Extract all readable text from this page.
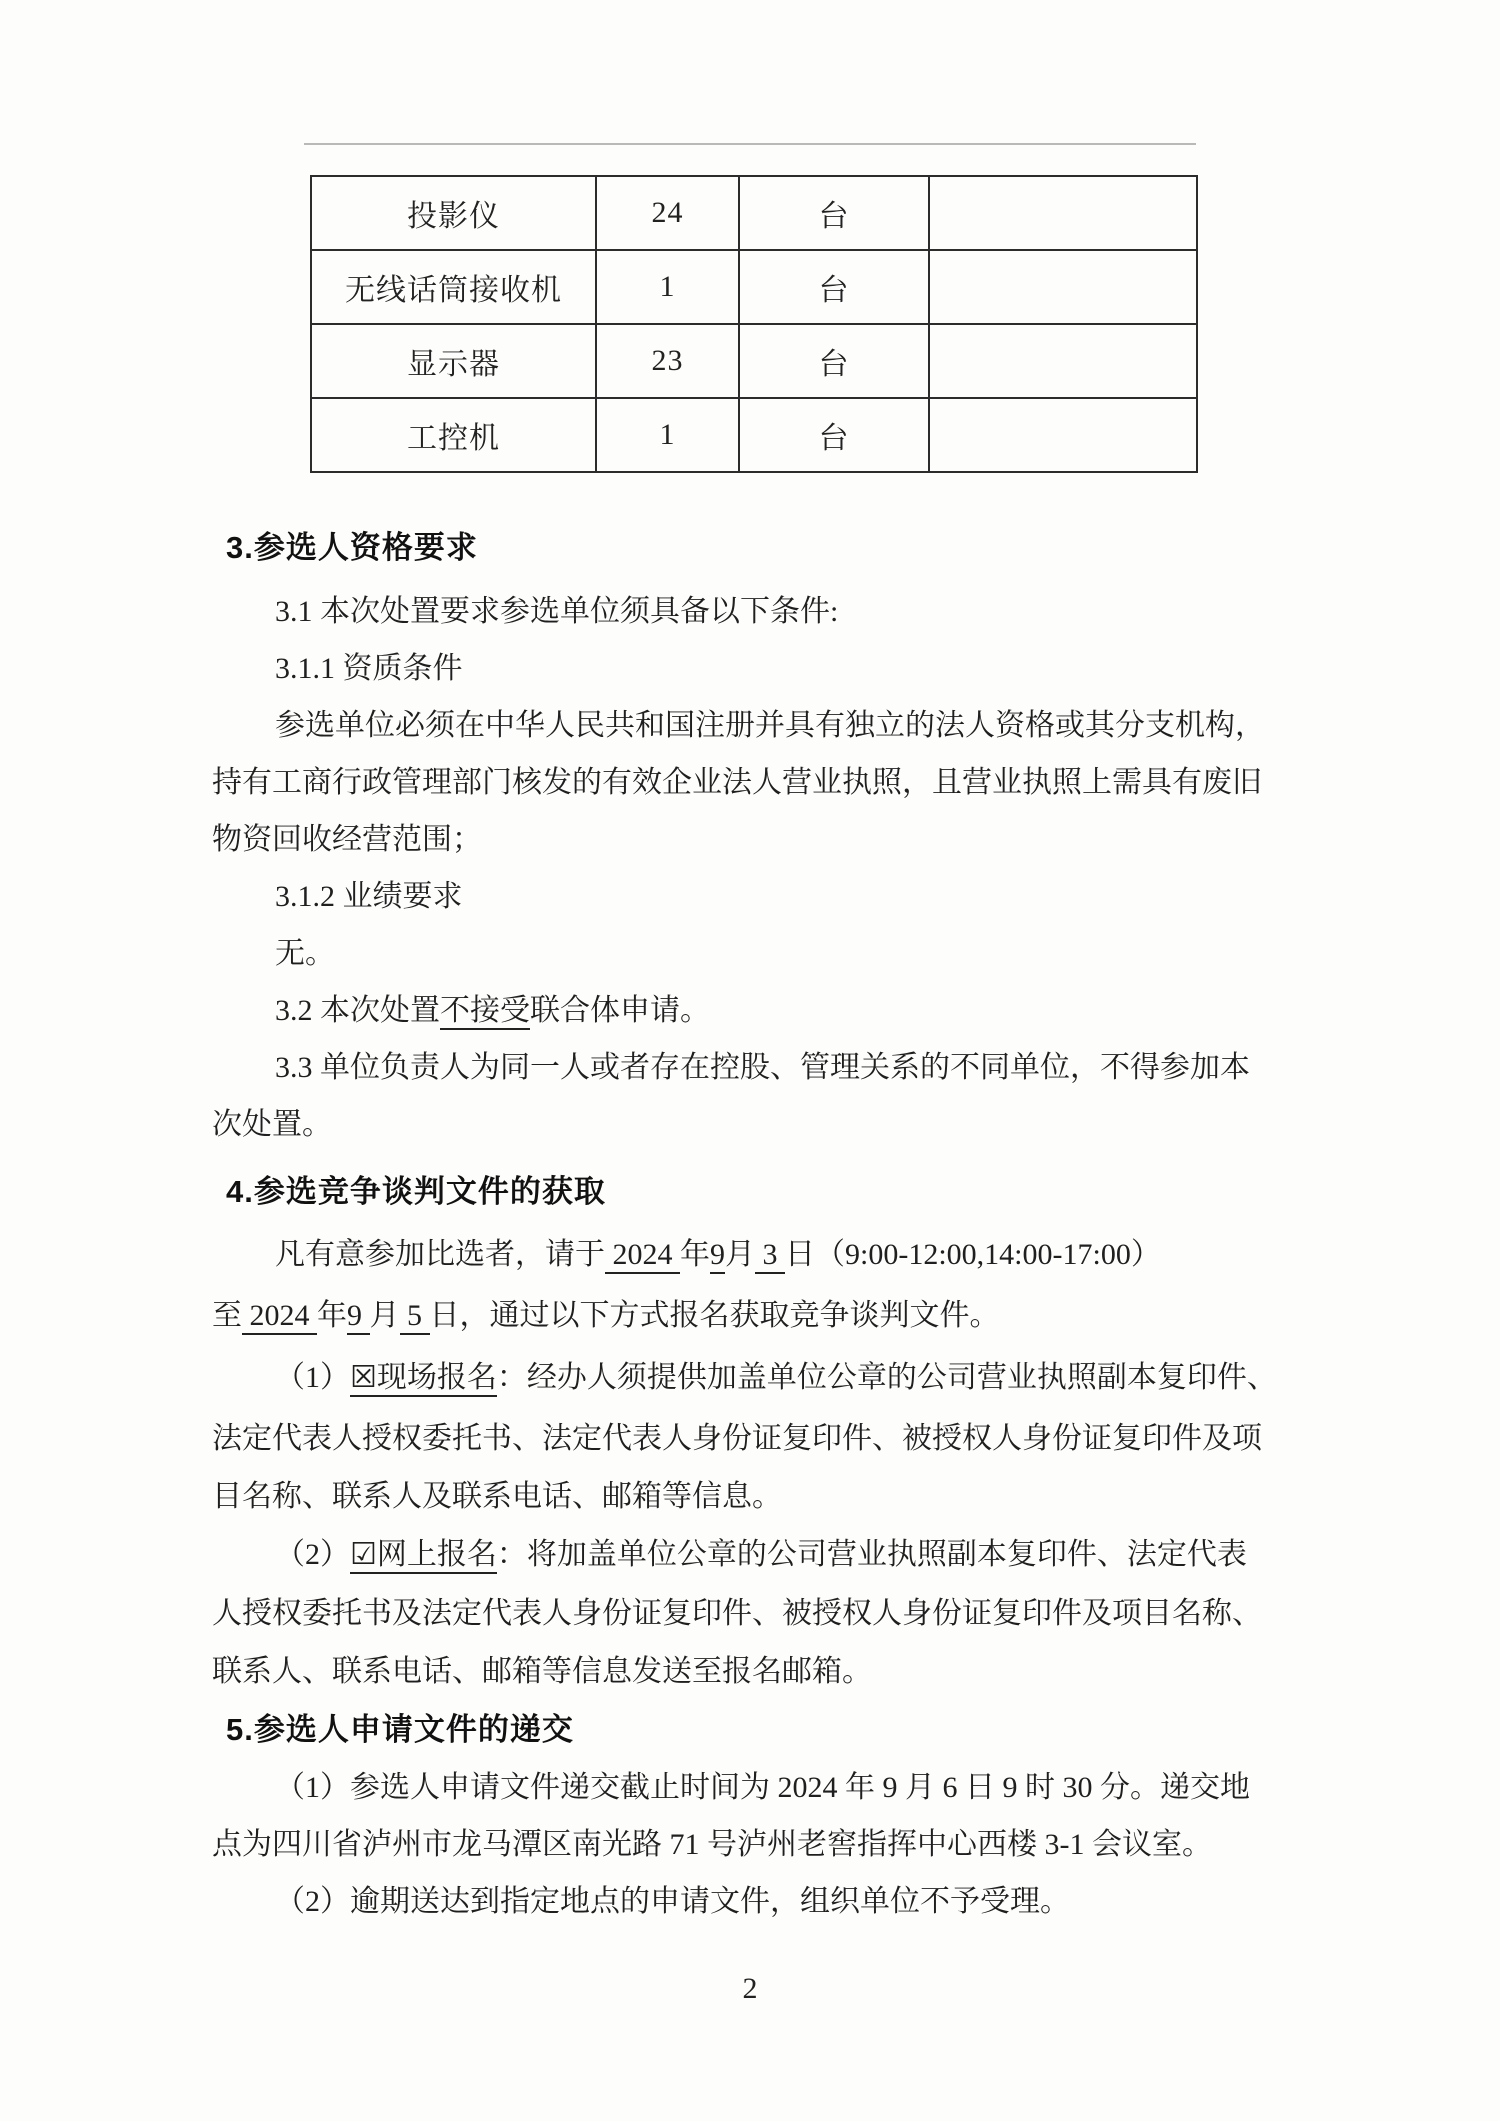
投影仪	24	台	
无线话筒接收机	1	台	
显示器	23	台	
工控机	1	台	
3.参选人资格要求
3.1 本次处置要求参选单位须具备以下条件:
3.1.1 资质条件
参选单位必须在中华人民共和国注册并具有独立的法人资格或其分支机构，
持有工商行政管理部门核发的有效企业法人营业执照，且营业执照上需具有废旧
物资回收经营范围；
3.1.2 业绩要求
无。
3.2 本次处置不接受联合体申请。
3.3 单位负责人为同一人或者存在控股、管理关系的不同单位，不得参加本
次处置。
4.参选竞争谈判文件的获取
凡有意参加比选者，请于 2024 年9月 3 日（9:00-12:00,14:00-17:00）
至 2024 年9 月 5 日，通过以下方式报名获取竞争谈判文件。
（1）☒现场报名：经办人须提供加盖单位公章的公司营业执照副本复印件、
法定代表人授权委托书、法定代表人身份证复印件、被授权人身份证复印件及项
目名称、联系人及联系电话、邮箱等信息。
（2）☑网上报名：将加盖单位公章的公司营业执照副本复印件、法定代表
人授权委托书及法定代表人身份证复印件、被授权人身份证复印件及项目名称、
联系人、联系电话、邮箱等信息发送至报名邮箱。
5.参选人申请文件的递交
（1）参选人申请文件递交截止时间为 2024 年 9 月 6 日 9 时 30 分。递交地
点为四川省泸州市龙马潭区南光路 71 号泸州老窖指挥中心西楼 3-1 会议室。
（2）逾期送达到指定地点的申请文件，组织单位不予受理。
2
